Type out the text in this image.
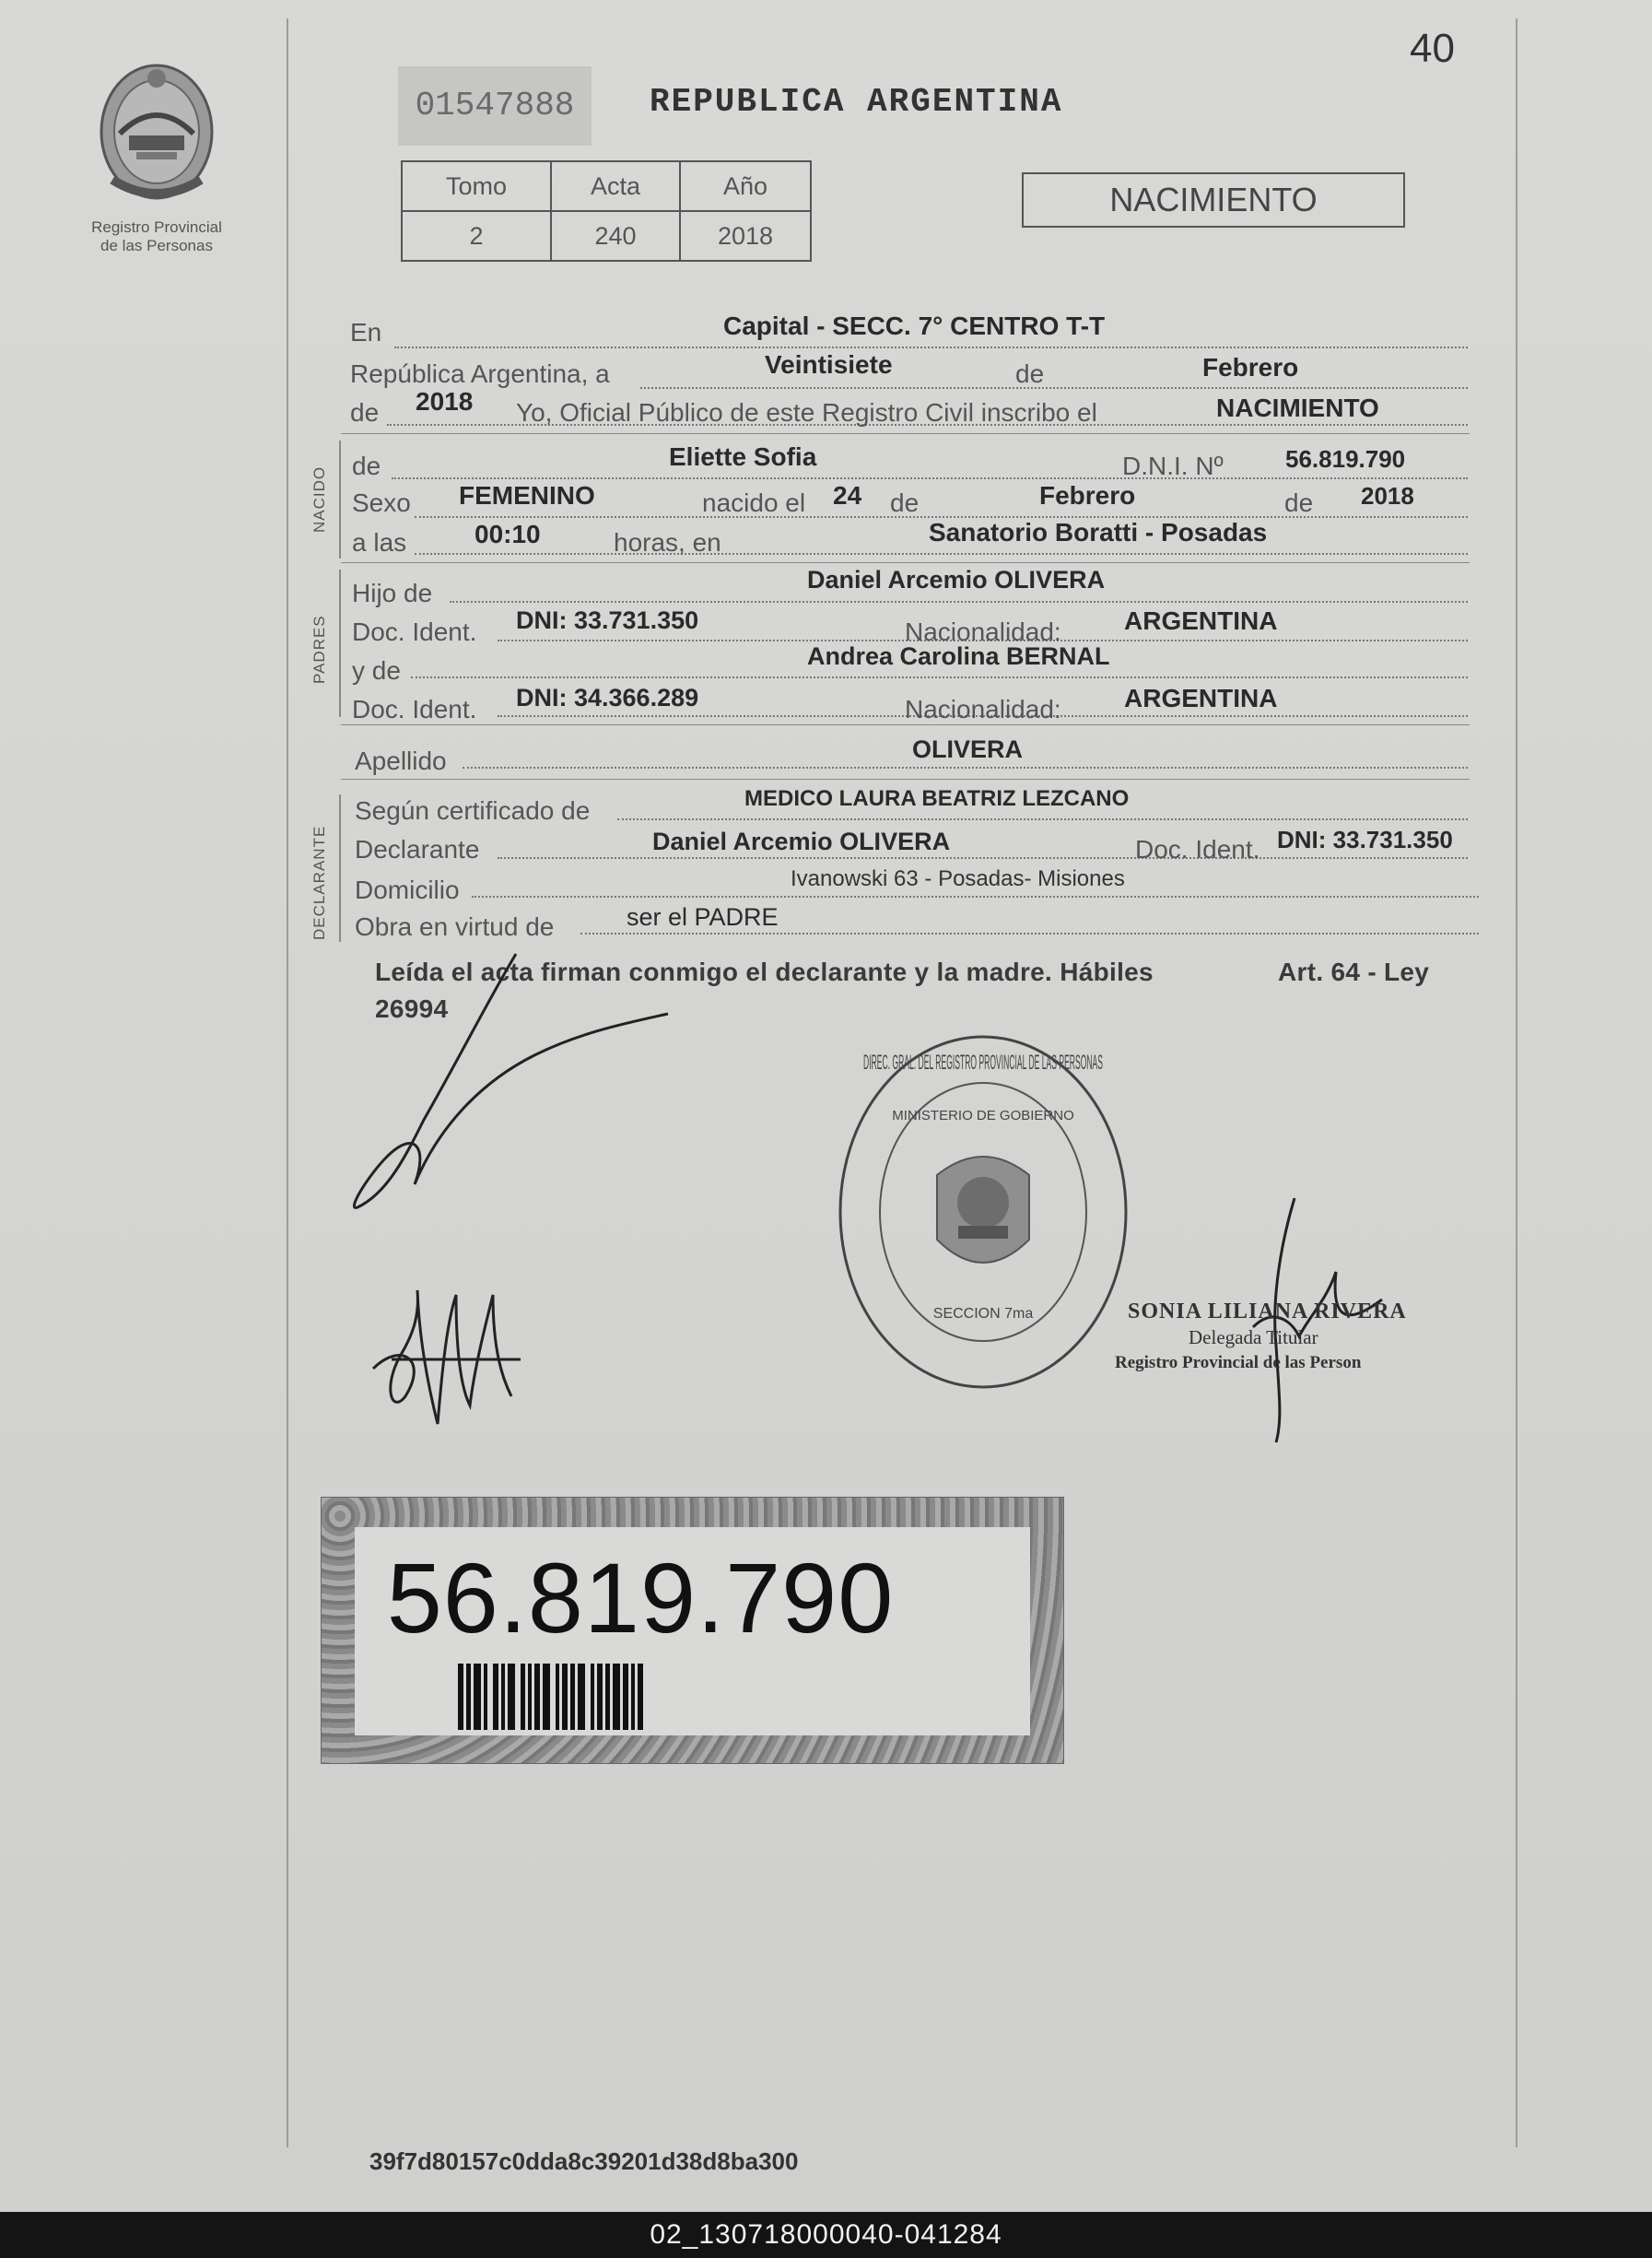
40
Registro Provincial
de las Personas
01547888	REPUBLICA ARGENTINA
Tomo	Acta	Año
2	240	2018
NACIMIENTO
En	Capital - SECC. 7° CENTRO T-T
República Argentina, a	Veintisiete	de	Febrero
de 2018 Yo, Oficial Público de este Registro Civil inscribo el	NACIMIENTO
NACIDO
de	Eliette Sofia	D.N.I. Nº	56.819.790
Sexo FEMENINO	nacido el 24 de	Febrero	de 2018
a las	00:10	horas, en	Sanatorio Boratti - Posadas
PADRES
Hijo de	Daniel Arcemio OLIVERA
Doc. Ident. DNI: 33.731.350	Nacionalidad: ARGENTINA
y de	Andrea Carolina BERNAL
Doc. Ident. DNI: 34.366.289	Nacionalidad: ARGENTINA
Apellido	OLIVERA
DECLARANTE
Según certificado de	MEDICO LAURA BEATRIZ LEZCANO
Declarante	Daniel Arcemio OLIVERA	Doc. Ident. DNI: 33.731.350
Domicilio	Ivanowski 63 - Posadas- Misiones
Obra en virtud de	ser el PADRE
Leída el acta firman conmigo el declarante y la madre. Hábiles	Art. 64 - Ley

26994
DIREC. GRAL. DEL REGISTRO PROVINCIAL DE LAS PERSONAS
MINISTERIO DE GOBIERNO
SECCION 7ma	SONIA LILIANA RIVERA
Delegada Titular
Registro Provincial de las Person
56.819.790
39f7d80157c0dda8c39201d38d8ba300
02_130718000040-041284
